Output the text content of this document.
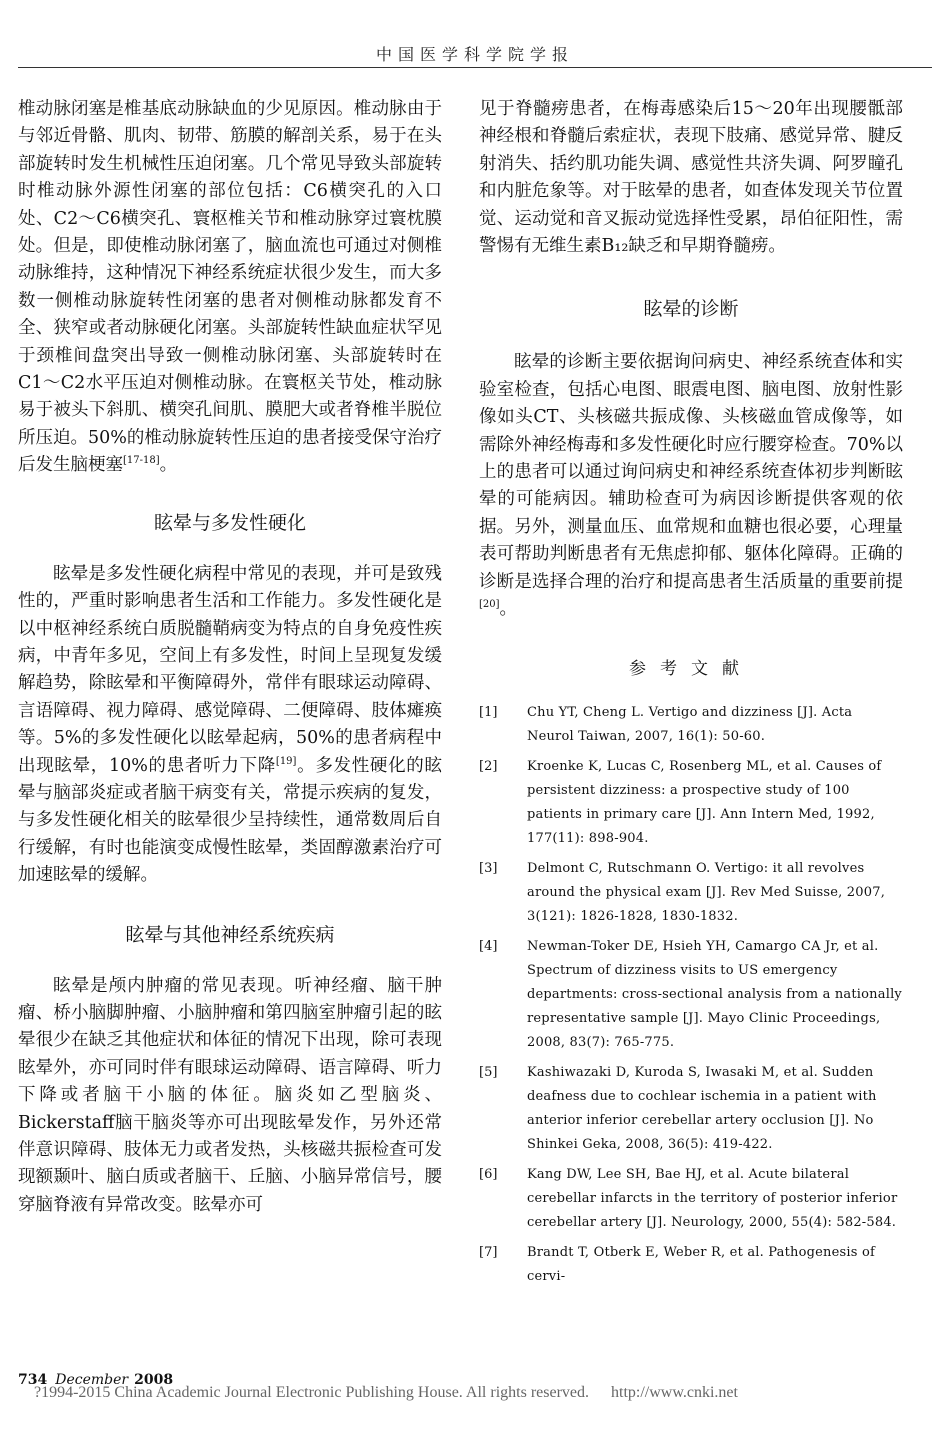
中国医学科学院学报

椎动脉闭塞是椎基底动脉缺血的少见原因。椎动脉由于与邻近骨骼、肌肉、韧带、筋膜的解剖关系，易于在头部旋转时发生机械性压迫闭塞。几个常见导致头部旋转时椎动脉外源性闭塞的部位包括：C6横突孔的入口处、C2～C6横突孔、寰枢椎关节和椎动脉穿过寰枕膜处。但是，即使椎动脉闭塞了，脑血流也可通过对侧椎动脉维持，这种情况下神经系统症状很少发生，而大多数一侧椎动脉旋转性闭塞的患者对侧椎动脉都发育不全、狭窄或者动脉硬化闭塞。头部旋转性缺血症状罕见于颈椎间盘突出导致一侧椎动脉闭塞、头部旋转时在C1～C2水平压迫对侧椎动脉。在寰枢关节处，椎动脉易于被头下斜肌、横突孔间肌、膜肥大或者脊椎半脱位所压迫。50%的椎动脉旋转性压迫的患者接受保守治疗后发生脑梗塞[17-18]。

眩晕与多发性硬化

眩晕是多发性硬化病程中常见的表现，并可是致残性的，严重时影响患者生活和工作能力。多发性硬化是以中枢神经系统白质脱髓鞘病变为特点的自身免疫性疾病，中青年多见，空间上有多发性，时间上呈现复发缓解趋势，除眩晕和平衡障碍外，常伴有眼球运动障碍、言语障碍、视力障碍、感觉障碍、二便障碍、肢体瘫痪等。5%的多发性硬化以眩晕起病，50%的患者病程中出现眩晕，10%的患者听力下降[19]。多发性硬化的眩晕与脑部炎症或者脑干病变有关，常提示疾病的复发，与多发性硬化相关的眩晕很少呈持续性，通常数周后自行缓解，有时也能演变成慢性眩晕，类固醇激素治疗可加速眩晕的缓解。

眩晕与其他神经系统疾病

眩晕是颅内肿瘤的常见表现。听神经瘤、脑干肿瘤、桥小脑脚肿瘤、小脑肿瘤和第四脑室肿瘤引起的眩晕很少在缺乏其他症状和体征的情况下出现，除可表现眩晕外，亦可同时伴有眼球运动障碍、语言障碍、听力下降或者脑干小脑的体征。脑炎如乙型脑炎、Bickerstaff脑干脑炎等亦可出现眩晕发作，另外还常伴意识障碍、肢体无力或者发热，头核磁共振检查可发现额颞叶、脑白质或者脑干、丘脑、小脑异常信号，腰穿脑脊液有异常改变。眩晕亦可

见于脊髓痨患者，在梅毒感染后15～20年出现腰骶部神经根和脊髓后索症状，表现下肢痛、感觉异常、腱反射消失、括约肌功能失调、感觉性共济失调、阿罗瞳孔和内脏危象等。对于眩晕的患者，如查体发现关节位置觉、运动觉和音叉振动觉选择性受累，昂伯征阳性，需警惕有无维生素B₁₂缺乏和早期脊髓痨。

眩晕的诊断

眩晕的诊断主要依据询问病史、神经系统查体和实验室检查，包括心电图、眼震电图、脑电图、放射性影像如头CT、头核磁共振成像、头核磁血管成像等，如需除外神经梅毒和多发性硬化时应行腰穿检查。70%以上的患者可以通过询问病史和神经系统查体初步判断眩晕的可能病因。辅助检查可为病因诊断提供客观的依据。另外，测量血压、血常规和血糖也很必要，心理量表可帮助判断患者有无焦虑抑郁、躯体化障碍。正确的诊断是选择合理的治疗和提高患者生活质量的重要前提[20]。

参考文献
[1]	Chu YT, Cheng L. Vertigo and dizziness [J]. Acta Neurol Taiwan, 2007, 16(1): 50-60.
[2]	Kroenke K, Lucas C, Rosenberg ML, et al. Causes of persistent dizziness: a prospective study of 100 patients in primary care [J]. Ann Intern Med, 1992, 177(11): 898-904.
[3]	Delmont C, Rutschmann O. Vertigo: it all revolves around the physical exam [J]. Rev Med Suisse, 2007, 3(121): 1826-1828, 1830-1832.
[4]	Newman-Toker DE, Hsieh YH, Camargo CA Jr, et al. Spectrum of dizziness visits to US emergency departments: cross-sectional analysis from a nationally representative sample [J]. Mayo Clinic Proceedings, 2008, 83(7): 765-775.
[5]	Kashiwazaki D, Kuroda S, Iwasaki M, et al. Sudden deafness due to cochlear ischemia in a patient with anterior inferior cerebellar artery occlusion [J]. No Shinkei Geka, 2008, 36(5): 419-422.
[6]	Kang DW, Lee SH, Bae HJ, et al. Acute bilateral cerebellar infarcts in the territory of posterior inferior cerebellar artery [J]. Neurology, 2000, 55(4): 582-584.
[7]	Brandt T, Otberk E, Weber R, et al. Pathogenesis of cervi-
734 December 2008
?1994-2015 China Academic Journal Electronic Publishing House. All rights reserved. http://www.cnki.net
